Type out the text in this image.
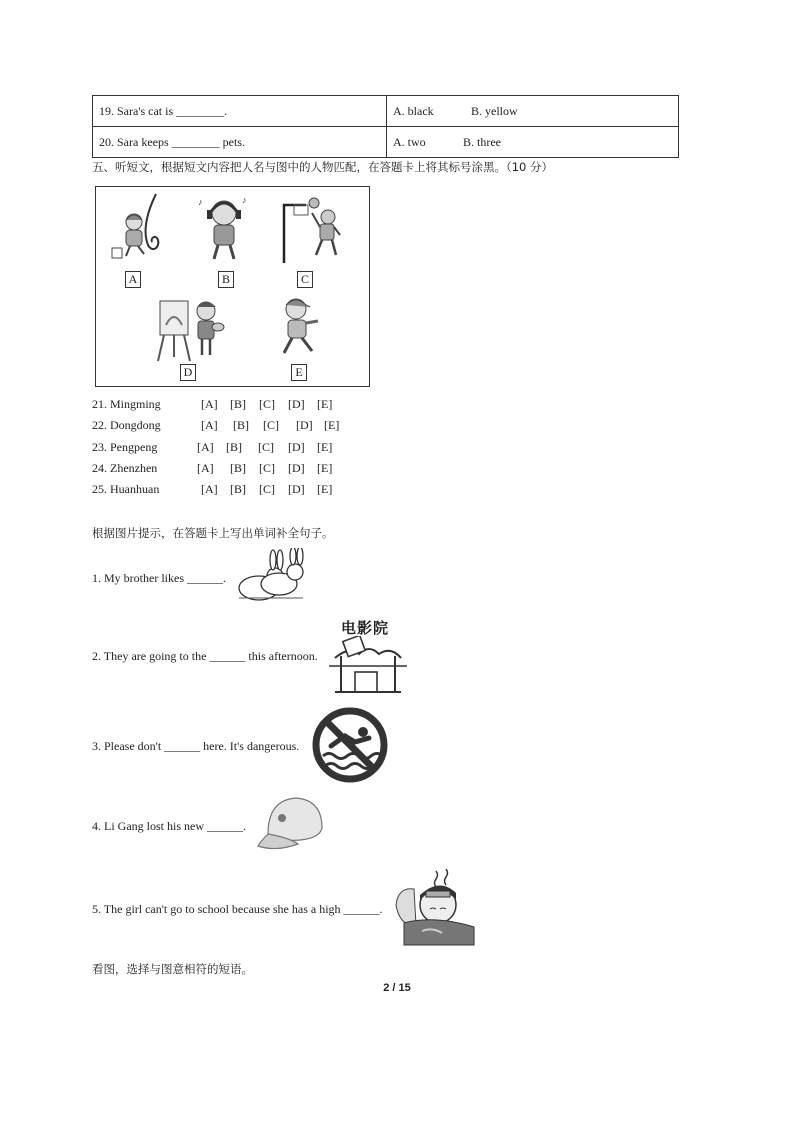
19. Sara's cat is ________.	A. black B. yellow
20. Sara keeps ________ pets.	A. two B. three
五、听短文，根据短文内容把人名与图中的人物匹配，在答题卡上将其标号涂黑。（10 分）
♪	♪
A	B	C
D	E
21. Mingming	[A] [B] [C] [D] [E]
22. Dongdong	[A] [B] [C] [D] [E]
23. Pengpeng	[A] [B] [C] [D] [E]
24. Zhenzhen	[A] [B] [C] [D] [E]
25. Huanhuan	[A] [B] [C] [D] [E]
根据图片提示，在答题卡上写出单词补全句子。
1. My brother likes ______.
2. They are going to the ______ this afternoon.
电影院
3. Please don't ______ here. It's dangerous.
4. Li Gang lost his new ______.
5. The girl can't go to school because she has a high ______.
看图，选择与图意相符的短语。
2 / 15
